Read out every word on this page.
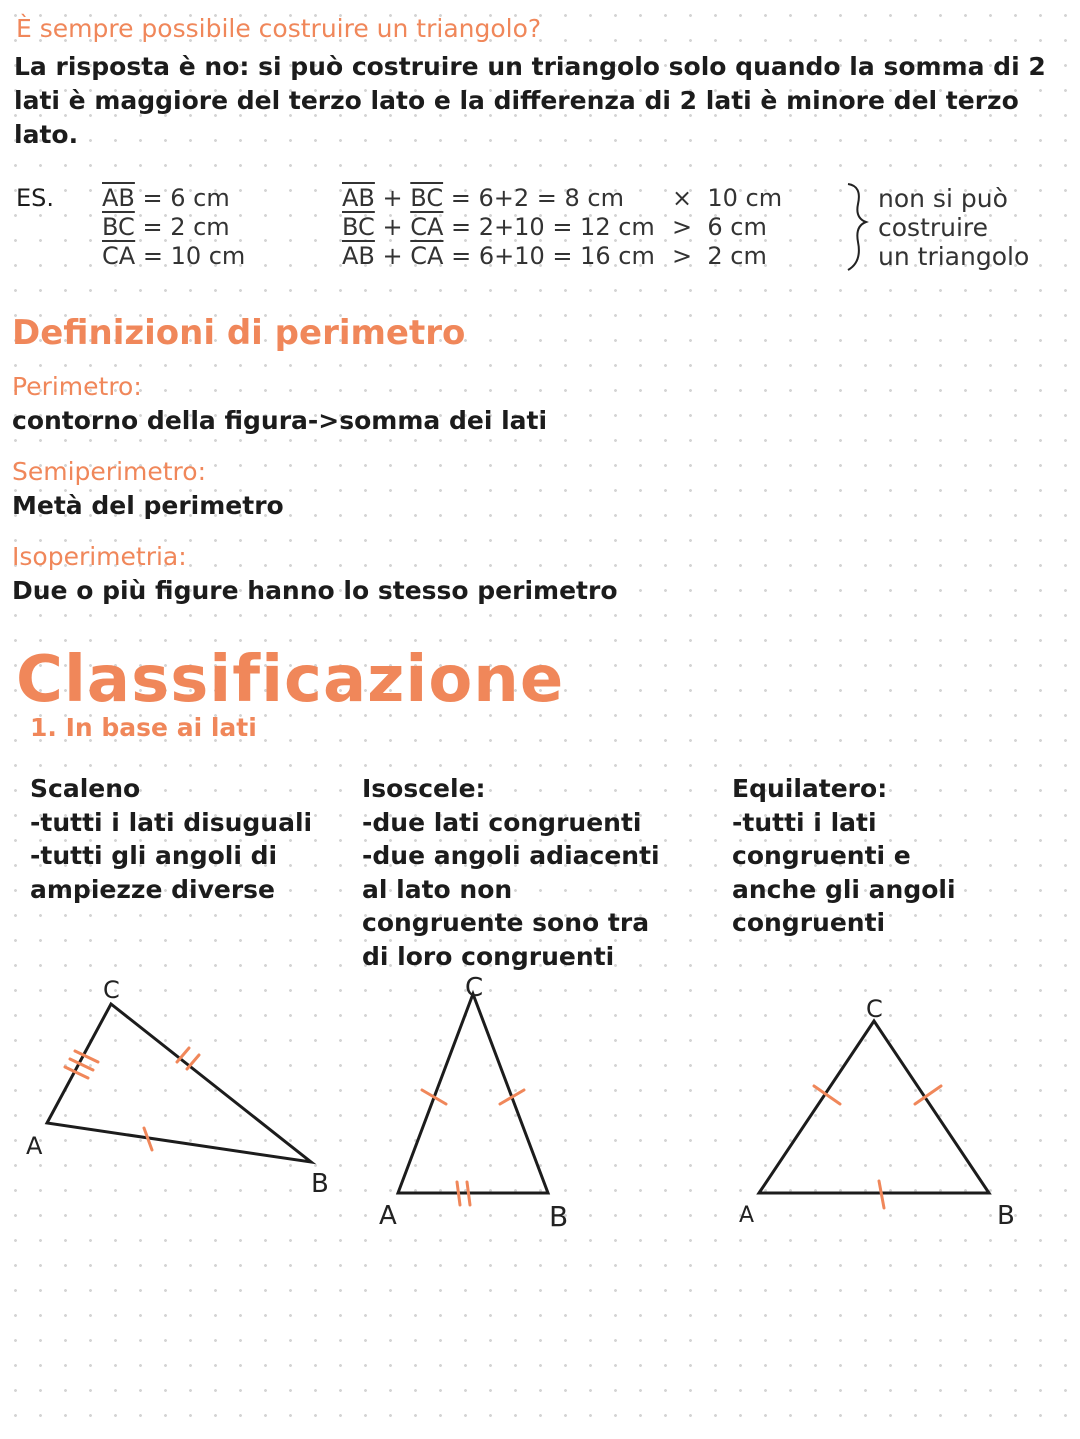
È sempre possibile costruire un triangolo?
La risposta è no: si può costruire un triangolo solo quando la somma di 2 lati è maggiore del terzo lato e la differenza di 2 lati è minore del terzo lato.
ES. $\overline{AB} = 6$ cm
$\overline{BC} = 2$ cm
$\overline{CA} = 10$ cm
$\overline{AB} + \overline{BC} = 6+2 = 8$ cm
$\overline{BC} + \overline{CA} = 2+10 = 12$ cm
$\overline{AB} + \overline{CA} = 6+10 = 16$ cm
× 10 cm
> 6 cm
> 2 cm
non si può
costruire
un triangolo
Definizioni di perimetro
Perimetro:
contorno della figura->somma dei lati
Semiperimetro:
Metà del perimetro
Isoperimetria:
Due o più figure hanno lo stesso perimetro
Classificazione
1. In base ai lati
Scaleno
-tutti i lati disuguali
-tutti gli angoli di
ampiezze diverse
Isoscele:
-due lati congruenti
-due angoli adiacenti
al lato non
congruente sono tra
di loro congruenti
Equilatero:
-tutti i lati
congruenti e
anche gli angoli
congruenti
C
A
B
C
A	B
C
A	B
